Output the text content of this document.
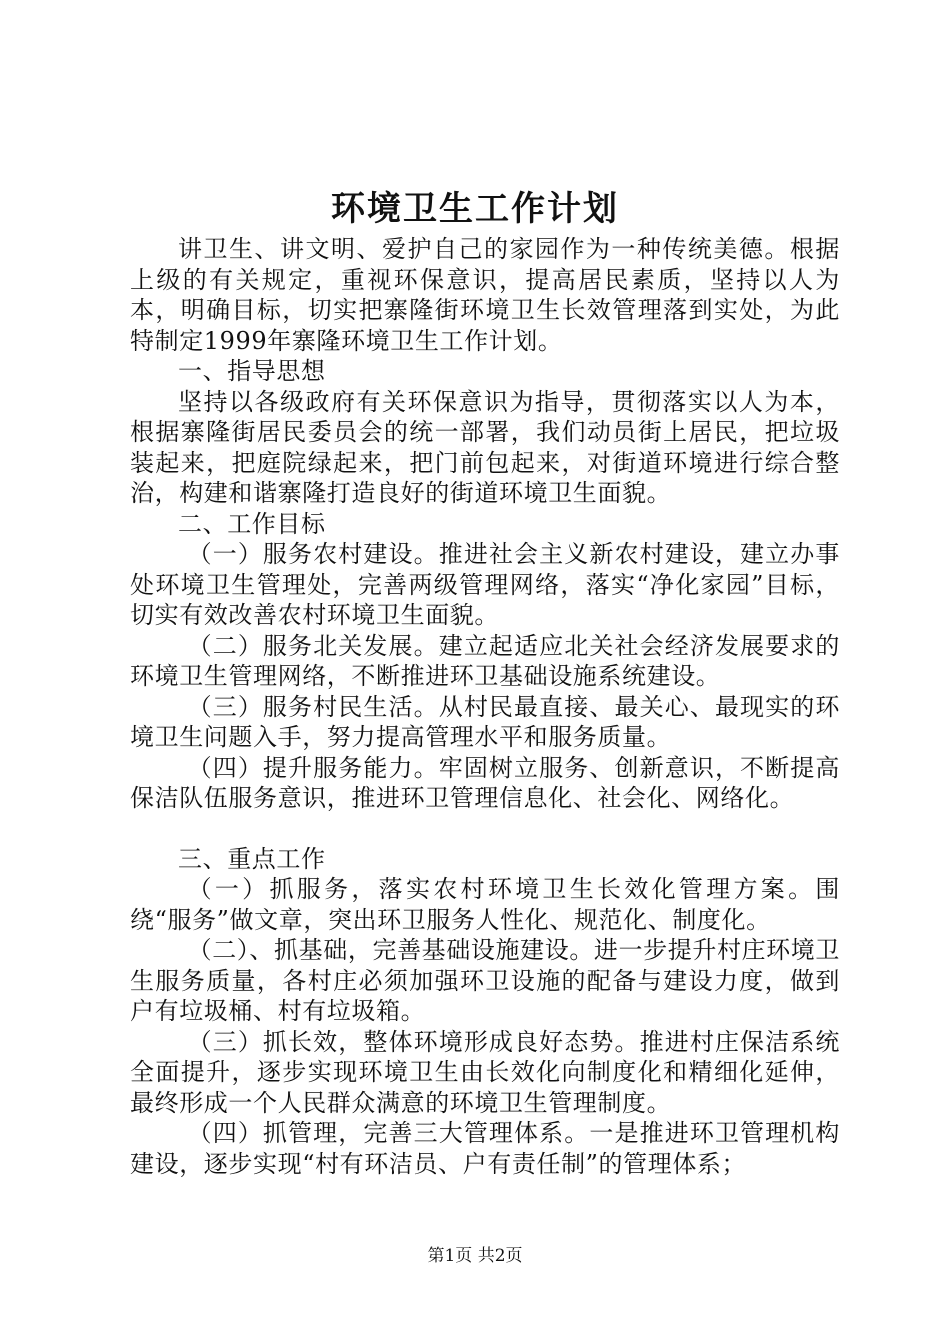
环境卫生工作计划

讲卫生、讲文明、爱护自己的家园作为一种传统美德。根据上级的有关规定，重视环保意识，提高居民素质，坚持以人为本，明确目标，切实把寨隆街环境卫生长效管理落到实处，为此特制定1999年寨隆环境卫生工作计划。

一、指导思想

坚持以各级政府有关环保意识为指导，贯彻落实以人为本，根据寨隆街居民委员会的统一部署，我们动员街上居民，把垃圾装起来，把庭院绿起来，把门前包起来，对街道环境进行综合整治，构建和谐寨隆打造良好的街道环境卫生面貌。

二、工作目标

（一）服务农村建设。推进社会主义新农村建设，建立办事处环境卫生管理处，完善两级管理网络，落实“净化家园”目标，切实有效改善农村环境卫生面貌。

（二）服务北关发展。建立起适应北关社会经济发展要求的环境卫生管理网络，不断推进环卫基础设施系统建设。

（三）服务村民生活。从村民最直接、最关心、最现实的环境卫生问题入手，努力提高管理水平和服务质量。

（四）提升服务能力。牢固树立服务、创新意识，不断提高保洁队伍服务意识，推进环卫管理信息化、社会化、网络化。

三、重点工作

（一）抓服务，落实农村环境卫生长效化管理方案。围绕“服务”做文章，突出环卫服务人性化、规范化、制度化。

（二）、抓基础，完善基础设施建设。进一步提升村庄环境卫生服务质量，各村庄必须加强环卫设施的配备与建设力度，做到户有垃圾桶、村有垃圾箱。

（三）抓长效，整体环境形成良好态势。推进村庄保洁系统全面提升，逐步实现环境卫生由长效化向制度化和精细化延伸，最终形成一个人民群众满意的环境卫生管理制度。

（四）抓管理，完善三大管理体系。一是推进环卫管理机构建设，逐步实现“村有环洁员、户有责任制”的管理体系；

第1页 共2页
